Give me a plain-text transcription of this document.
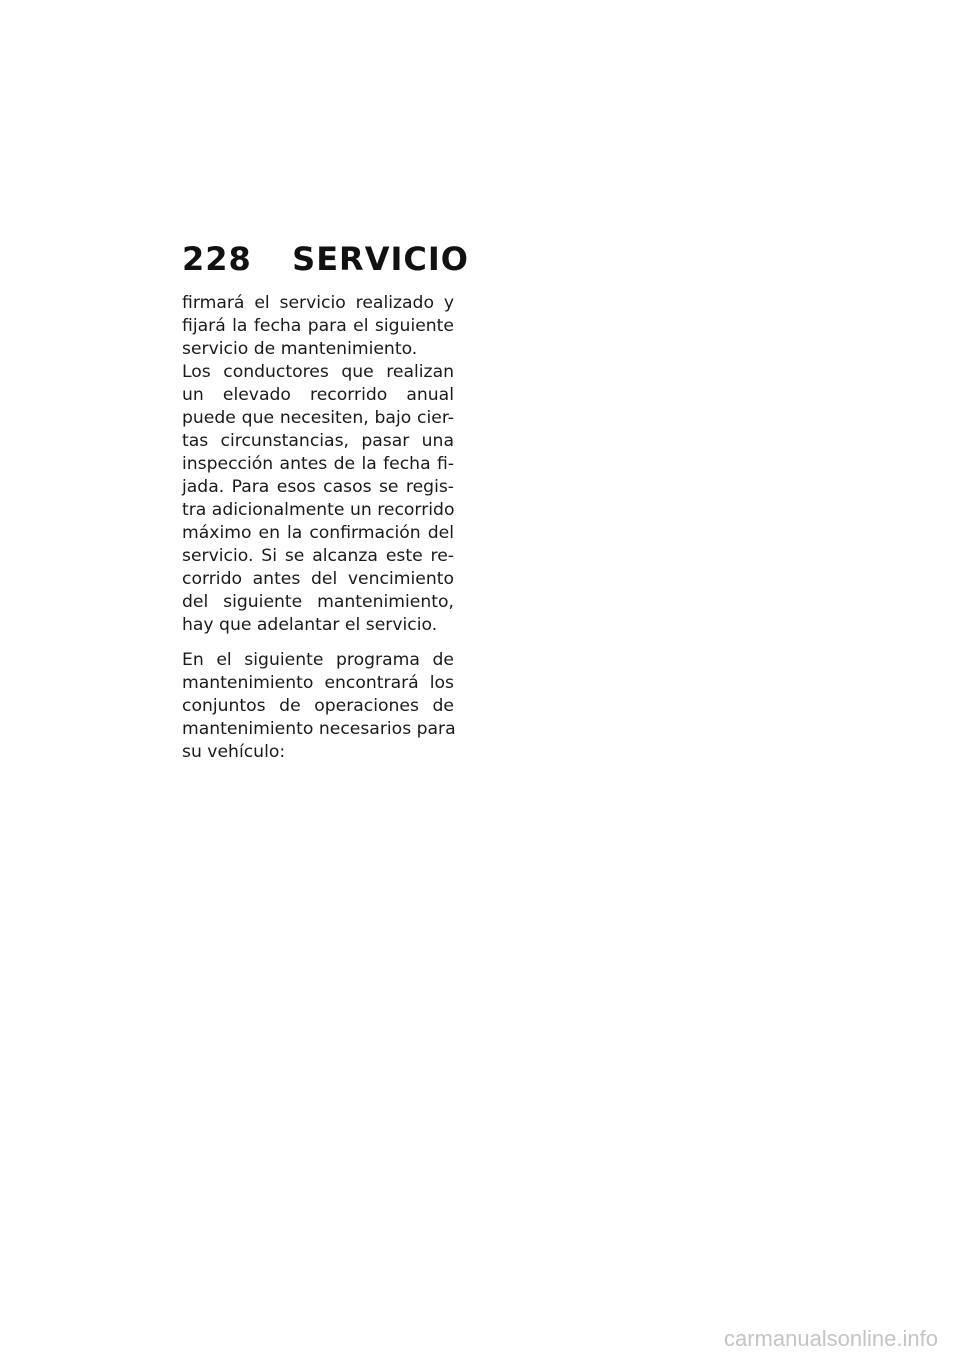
228 SERVICIO
firmará el servicio realizado y
fijará la fecha para el siguiente
servicio de mantenimiento.
Los conductores que realizan
un elevado recorrido anual
puede que necesiten, bajo cier-
tas circunstancias, pasar una
inspección antes de la fecha fi-
jada. Para esos casos se regis-
tra adicionalmente un recorrido
máximo en la confirmación del
servicio. Si se alcanza este re-
corrido antes del vencimiento
del siguiente mantenimiento,
hay que adelantar el servicio.
En el siguiente programa de
mantenimiento encontrará los
conjuntos de operaciones de
mantenimiento necesarios para
su vehículo:
carmanualsonline.info
